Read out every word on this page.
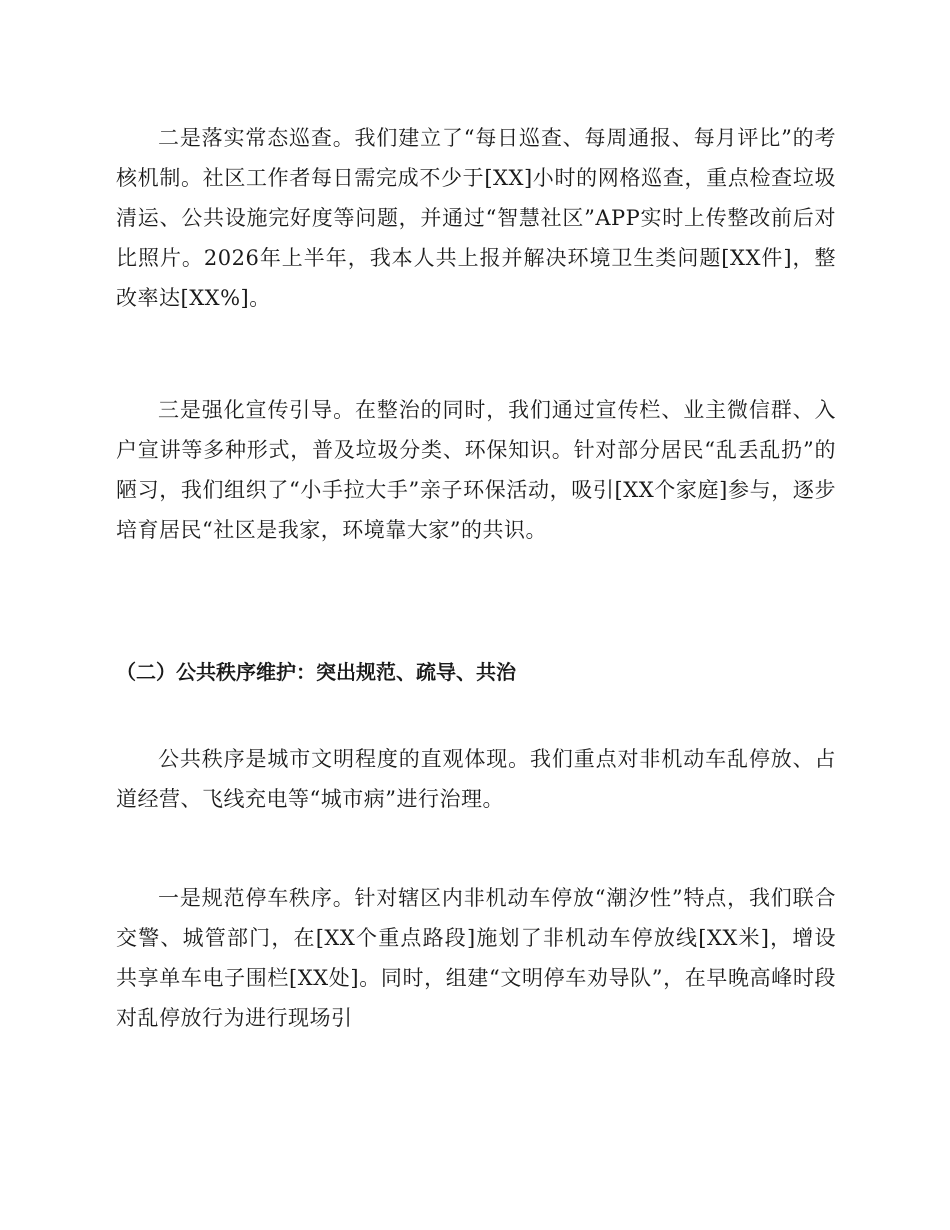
二是落实常态巡查。我们建立了“每日巡查、每周通报、每月评比”的考核机制。社区工作者每日需完成不少于[XX]小时的网格巡查，重点检查垃圾清运、公共设施完好度等问题，并通过“智慧社区”APP实时上传整改前后对比照片。2026年上半年，我本人共上报并解决环境卫生类问题[XX件]，整改率达[XX%]。

三是强化宣传引导。在整治的同时，我们通过宣传栏、业主微信群、入户宣讲等多种形式，普及垃圾分类、环保知识。针对部分居民“乱丢乱扔”的陋习，我们组织了“小手拉大手”亲子环保活动，吸引[XX个家庭]参与，逐步培育居民“社区是我家，环境靠大家”的共识。

（二）公共秩序维护：突出规范、疏导、共治

公共秩序是城市文明程度的直观体现。我们重点对非机动车乱停放、占道经营、飞线充电等“城市病”进行治理。

一是规范停车秩序。针对辖区内非机动车停放“潮汐性”特点，我们联合交警、城管部门，在[XX个重点路段]施划了非机动车停放线[XX米]，增设共享单车电子围栏[XX处]。同时，组建“文明停车劝导队”，在早晚高峰时段对乱停放行为进行现场引
